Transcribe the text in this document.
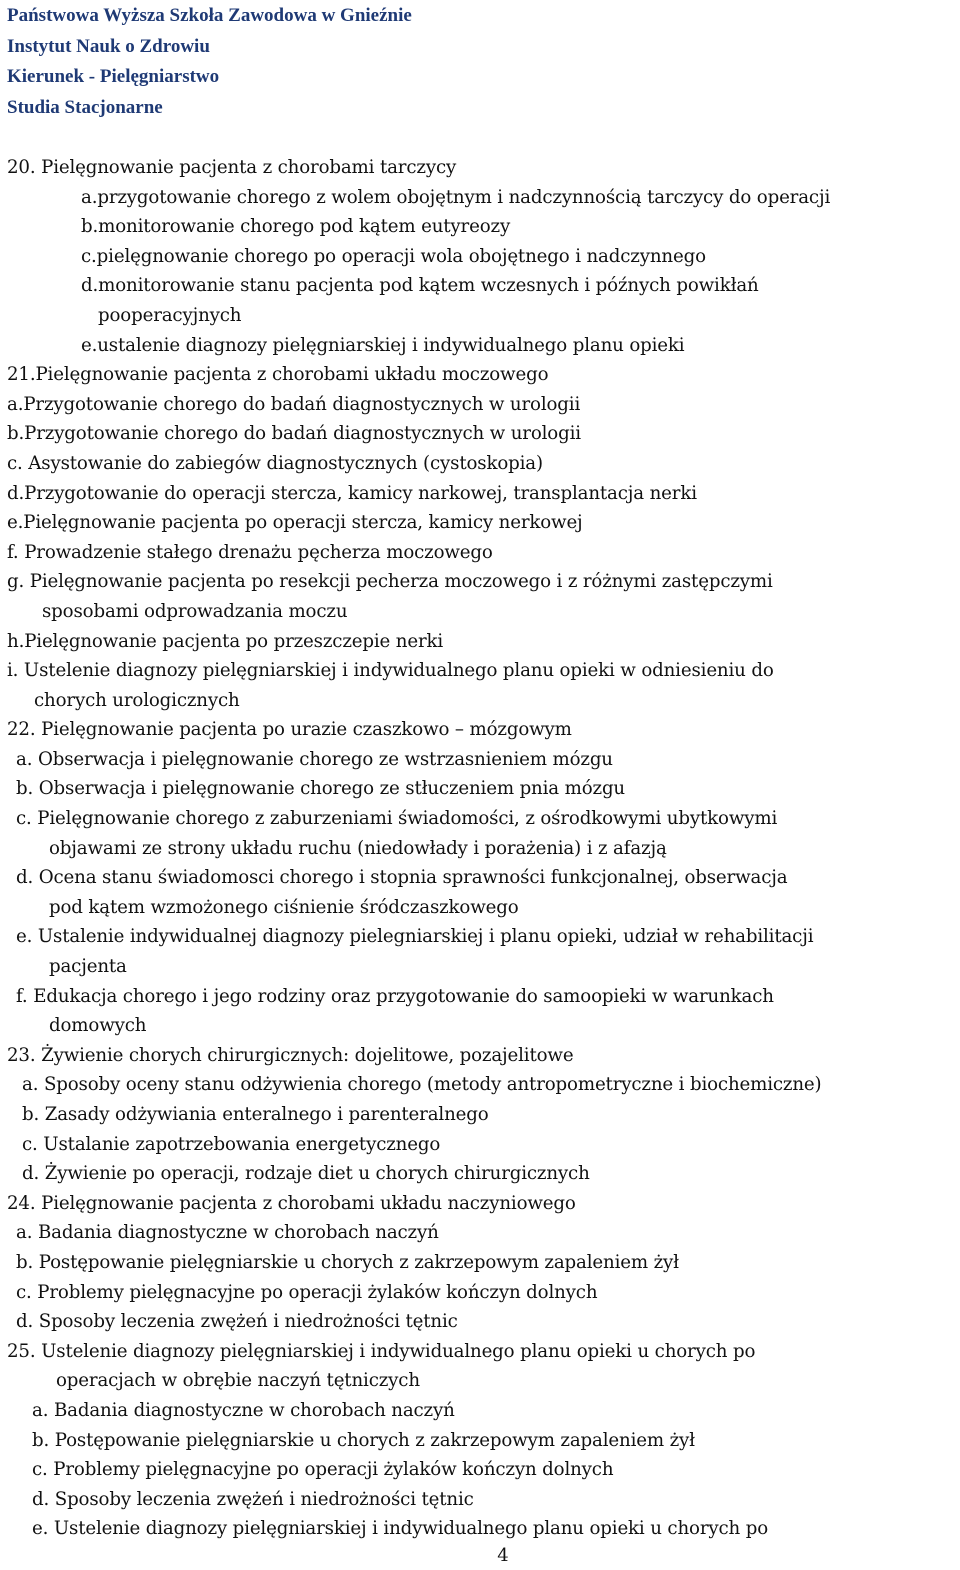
Państwowa Wyższa Szkoła Zawodowa w Gnieźnie
Instytut Nauk o Zdrowiu
Kierunek - Pielęgniarstwo
Studia Stacjonarne
20. Pielęgnowanie pacjenta z chorobami tarczycy
a.przygotowanie chorego z wolem obojętnym i nadczynnością tarczycy do operacji
b.monitorowanie chorego pod kątem eutyreozy
c.pielęgnowanie chorego po operacji wola obojętnego i nadczynnego
d.monitorowanie stanu pacjenta pod kątem wczesnych i późnych powikłań
pooperacyjnych
e.ustalenie diagnozy pielęgniarskiej i indywidualnego planu opieki
21.Pielęgnowanie pacjenta z chorobami układu moczowego
a.Przygotowanie chorego do badań diagnostycznych w urologii
b.Przygotowanie chorego do badań diagnostycznych w urologii
c. Asystowanie do zabiegów diagnostycznych (cystoskopia)
d.Przygotowanie do operacji stercza, kamicy narkowej, transplantacja nerki
e.Pielęgnowanie pacjenta po operacji stercza, kamicy nerkowej
f. Prowadzenie stałego drenażu pęcherza moczowego
g. Pielęgnowanie pacjenta po resekcji pecherza moczowego i z różnymi zastępczymi
sposobami odprowadzania moczu
h.Pielęgnowanie pacjenta po przeszczepie nerki
i. Ustelenie diagnozy pielęgniarskiej i indywidualnego planu opieki w odniesieniu do
chorych urologicznych
22. Pielęgnowanie pacjenta po urazie czaszkowo – mózgowym
a. Obserwacja i pielęgnowanie chorego ze wstrzasnieniem mózgu
b. Obserwacja i pielęgnowanie chorego ze stłuczeniem pnia mózgu
c. Pielęgnowanie chorego z zaburzeniami świadomości, z ośrodkowymi ubytkowymi
objawami ze strony układu ruchu (niedowłady i porażenia) i z afazją
d. Ocena stanu świadomosci chorego i stopnia sprawności funkcjonalnej, obserwacja
pod kątem wzmożonego ciśnienie śródczaszkowego
e. Ustalenie indywidualnej diagnozy pielegniarskiej i planu opieki, udział w rehabilitacji
pacjenta
f. Edukacja chorego i jego rodziny oraz przygotowanie do samoopieki w warunkach
domowych
23. Żywienie chorych chirurgicznych: dojelitowe, pozajelitowe
a. Sposoby oceny stanu odżywienia chorego (metody antropometryczne i biochemiczne)
b. Zasady odżywiania enteralnego i parenteralnego
c. Ustalanie zapotrzebowania energetycznego
d. Żywienie po operacji, rodzaje diet u chorych chirurgicznych
24. Pielęgnowanie pacjenta z chorobami układu naczyniowego
a. Badania diagnostyczne w chorobach naczyń
b. Postępowanie pielęgniarskie u chorych z zakrzepowym zapaleniem żył
c. Problemy pielęgnacyjne po operacji żylaków kończyn dolnych
d. Sposoby leczenia zwężeń i niedrożności tętnic
25. Ustelenie diagnozy pielęgniarskiej i indywidualnego planu opieki u chorych po
operacjach w obrębie naczyń tętniczych
a. Badania diagnostyczne w chorobach naczyń
b. Postępowanie pielęgniarskie u chorych z zakrzepowym zapaleniem żył
c. Problemy pielęgnacyjne po operacji żylaków kończyn dolnych
d. Sposoby leczenia zwężeń i niedrożności tętnic
e. Ustelenie diagnozy pielęgniarskiej i indywidualnego planu opieki u chorych po
4
